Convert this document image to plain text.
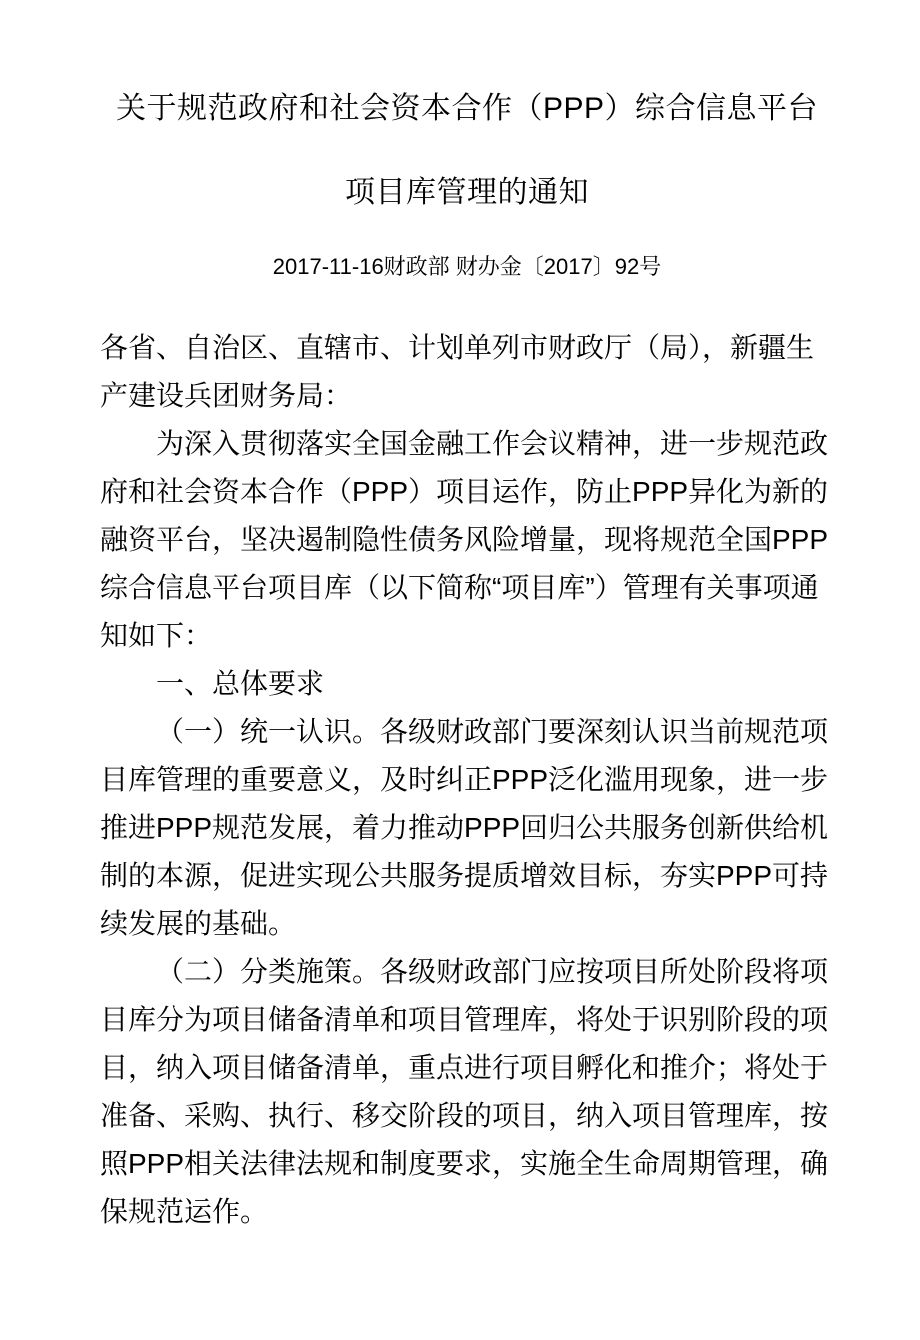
关于规范政府和社会资本合作（PPP）综合信息平台
项目库管理的通知
2017-11-16财政部 财办金〔2017〕92号

各省、自治区、直辖市、计划单列市财政厅（局），新疆生产建设兵团财务局：

为深入贯彻落实全国金融工作会议精神，进一步规范政府和社会资本合作（PPP）项目运作，防止PPP异化为新的融资平台，坚决遏制隐性债务风险增量，现将规范全国PPP综合信息平台项目库（以下简称“项目库”）管理有关事项通知如下：

一、总体要求

（一）统一认识。各级财政部门要深刻认识当前规范项目库管理的重要意义，及时纠正PPP泛化滥用现象，进一步推进PPP规范发展，着力推动PPP回归公共服务创新供给机制的本源，促进实现公共服务提质增效目标，夯实PPP可持续发展的基础。

（二）分类施策。各级财政部门应按项目所处阶段将项目库分为项目储备清单和项目管理库，将处于识别阶段的项目，纳入项目储备清单，重点进行项目孵化和推介；将处于准备、采购、执行、移交阶段的项目，纳入项目管理库，按照PPP相关法律法规和制度要求，实施全生命周期管理，确保规范运作。
